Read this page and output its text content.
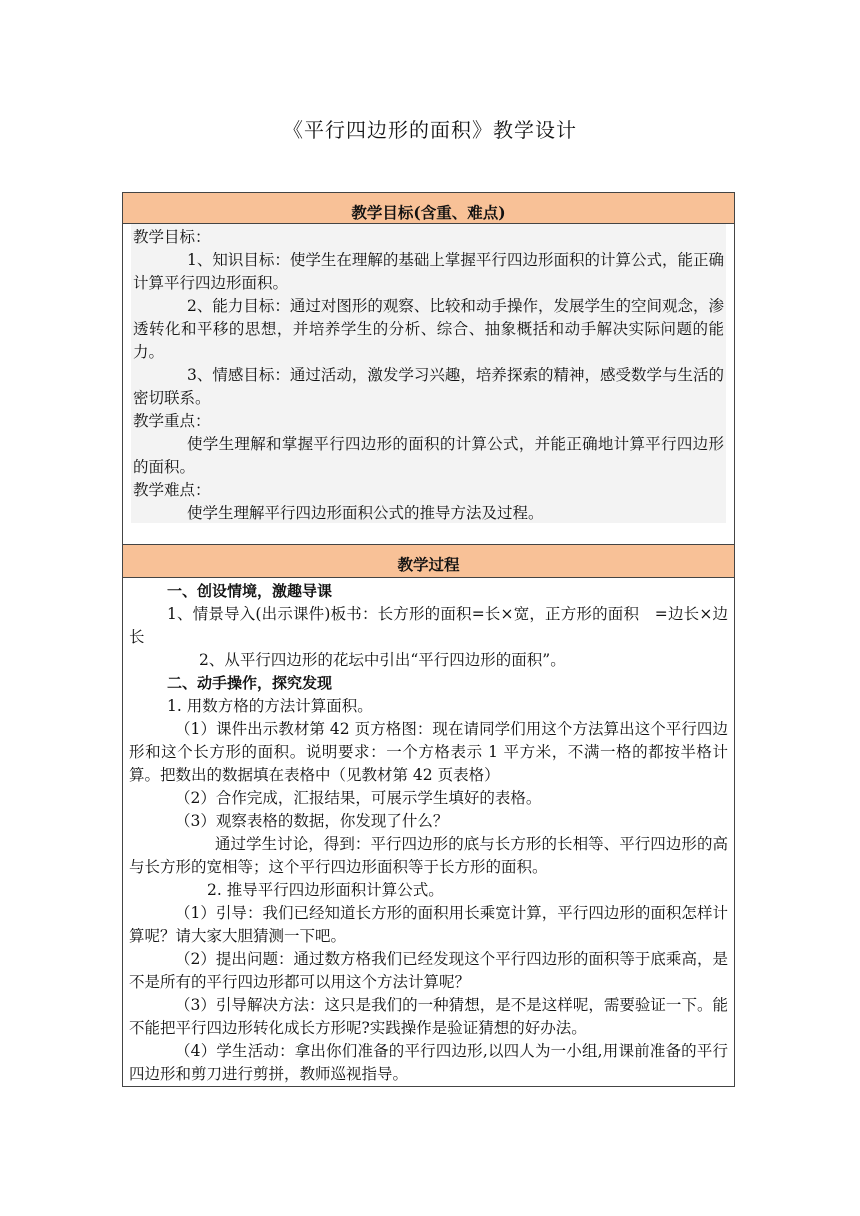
《平行四边形的面积》教学设计
教学目标(含重、难点)

教学目标：

1、知识目标：使学生在理解的基础上掌握平行四边形面积的计算公式，能正确计算平行四边形面积。

2、能力目标：通过对图形的观察、比较和动手操作，发展学生的空间观念，渗透转化和平移的思想，并培养学生的分析、综合、抽象概括和动手解决实际问题的能力。

3、情感目标：通过活动，激发学习兴趣，培养探索的精神，感受数学与生活的密切联系。

教学重点：

使学生理解和掌握平行四边形的面积的计算公式，并能正确地计算平行四边形的面积。

教学难点：

使学生理解平行四边形面积公式的推导方法及过程。

教学过程

一、创设情境，激趣导课

1、情景导入(出示课件)板书：长方形的面积=长×宽，正方形的面积　=边长×边长

2、从平行四边形的花坛中引出“平行四边形的面积”。

二、动手操作，探究发现

1. 用数方格的方法计算面积。

（1）课件出示教材第 42 页方格图：现在请同学们用这个方法算出这个平行四边形和这个长方形的面积。说明要求：一个方格表示 1 平方米，不满一格的都按半格计算。把数出的数据填在表格中（见教材第 42 页表格）

（2）合作完成，汇报结果，可展示学生填好的表格。

（3）观察表格的数据，你发现了什么？

通过学生讨论，得到：平行四边形的底与长方形的长相等、平行四边形的高与长方形的宽相等；这个平行四边形面积等于长方形的面积。

2. 推导平行四边形面积计算公式。

（1）引导：我们已经知道长方形的面积用长乘宽计算，平行四边形的面积怎样计算呢？请大家大胆猜测一下吧。

（2）提出问题：通过数方格我们已经发现这个平行四边形的面积等于底乘高，是不是所有的平行四边形都可以用这个方法计算呢？

（3）引导解决方法：这只是我们的一种猜想，是不是这样呢，需要验证一下。能不能把平行四边形转化成长方形呢?实践操作是验证猜想的好办法。

（4）学生活动：拿出你们准备的平行四边形,以四人为一小组,用课前准备的平行四边形和剪刀进行剪拼，教师巡视指导。
